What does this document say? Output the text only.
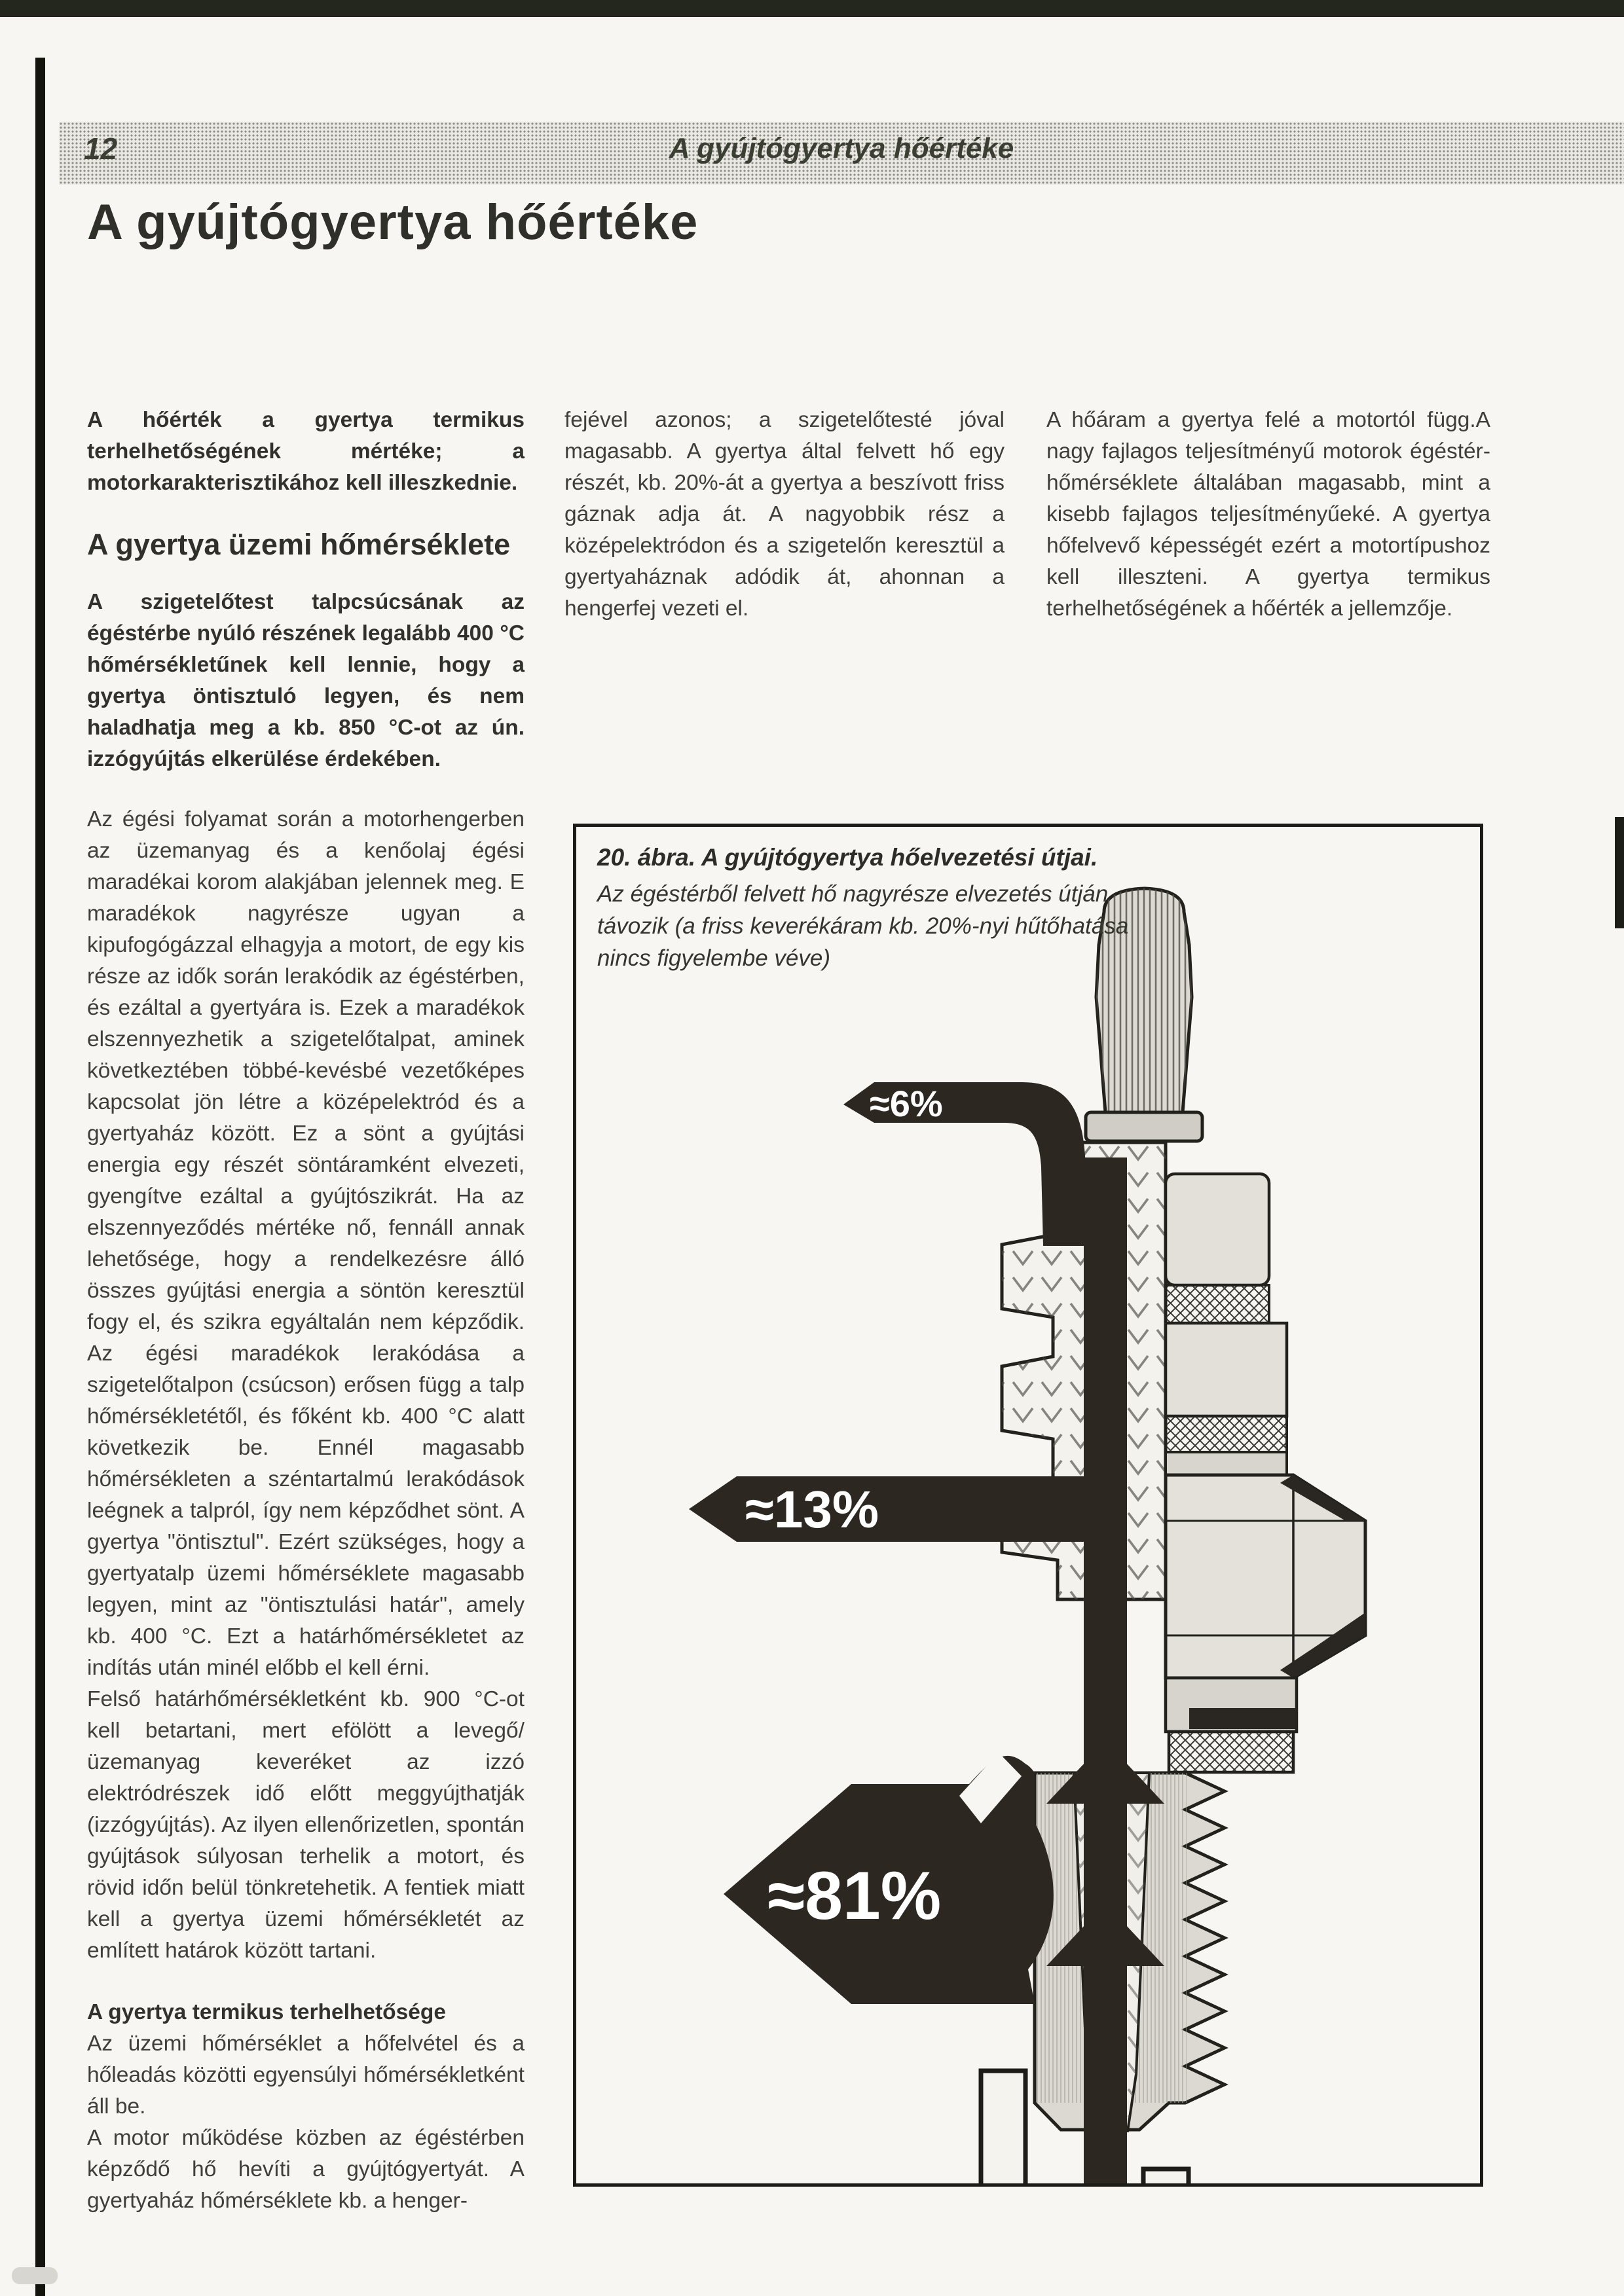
12	A gyújtógyertya hőértéke
A gyújtógyertya hőértéke

A hőérték a gyertya termikus terhelhetőségének mértéke; a motorkarakterisztikához kell illeszkednie.

A gyertya üzemi hőmérséklete

A szigetelőtest talpcsúcsának az égéstérbe nyúló részének legalább 400 °C hőmérsékletűnek kell lennie, hogy a gyertya öntisztuló legyen, és nem haladhatja meg a kb. 850 °C-ot az ún. izzógyújtás elkerülése érdekében.

Az égési folyamat során a motorhengerben az üzemanyag és a kenőolaj égési maradékai korom alakjában jelennek meg. E maradékok nagyrésze ugyan a kipufogógázzal elhagyja a motort, de egy kis része az idők során lerakódik az égéstérben, és ezáltal a gyertyára is. Ezek a maradékok elszennyezhetik a szigetelőtalpat, aminek következtében többé-kevésbé vezetőképes kapcsolat jön létre a középelektród és a gyertyaház között. Ez a sönt a gyújtási energia egy részét söntáramként elvezeti, gyengítve ezáltal a gyújtószikrát. Ha az elszennyeződés mértéke nő, fennáll annak lehetősége, hogy a rendelkezésre álló összes gyújtási energia a söntön keresztül fogy el, és szikra egyáltalán nem képződik. Az égési maradékok lerakódása a szigetelőtalpon (csúcson) erősen függ a talp hőmérsékletétől, és főként kb. 400 °C alatt következik be. Ennél magasabb hőmérsékleten a széntartalmú lerakódások leégnek a talpról, így nem képződhet sönt. A gyertya "öntisztul". Ezért szükséges, hogy a gyertyatalp üzemi hőmérséklete magasabb legyen, mint az "öntisztulási határ", amely kb. 400 °C. Ezt a határhőmérsékletet az indítás után minél előbb el kell érni.

Felső határhőmérsékletként kb. 900 °C-ot kell betartani, mert efölött a levegő/üzemanyag keveréket az izzó elektródrészek idő előtt meggyújthatják (izzógyújtás). Az ilyen ellenőrizetlen, spontán gyújtások súlyosan terhelik a motort, és rövid időn belül tönkretehetik. A fentiek miatt kell a gyertya üzemi hőmérsékletét az említett határok között tartani.

A gyertya termikus terhelhetősége

Az üzemi hőmérséklet a hőfelvétel és a hőleadás közötti egyensúlyi hőmérsékletként áll be.

A motor működése közben az égéstérben képződő hő hevíti a gyújtógyertyát. A gyertyaház hőmérséklete kb. a henger-

fejével azonos; a szigetelőtesté jóval magasabb. A gyertya által felvett hő egy részét, kb. 20%-át a gyertya a beszívott friss gáznak adja át. A nagyobbik rész a középelektródon és a szigetelőn keresztül a gyertyaháznak adódik át, ahonnan a hengerfej vezeti el.

A hőáram a gyertya felé a motortól függ.A nagy fajlagos teljesítményű motorok égéstér-hőmérséklete általában magasabb, mint a kisebb fajlagos teljesítményűeké. A gyertya hőfelvevő képességét ezért a motortípushoz kell illeszteni. A gyertya termikus terhelhetőségének a hőérték a jellemzője.

20. ábra. A gyújtógyertya hőelvezetési útjai.

Az égéstérből felvett hő nagyrésze elvezetés útján távozik (a friss keverékáram kb. 20%-nyi hűtőhatása nincs figyelembe véve)

≈6%
≈13%
≈81%
